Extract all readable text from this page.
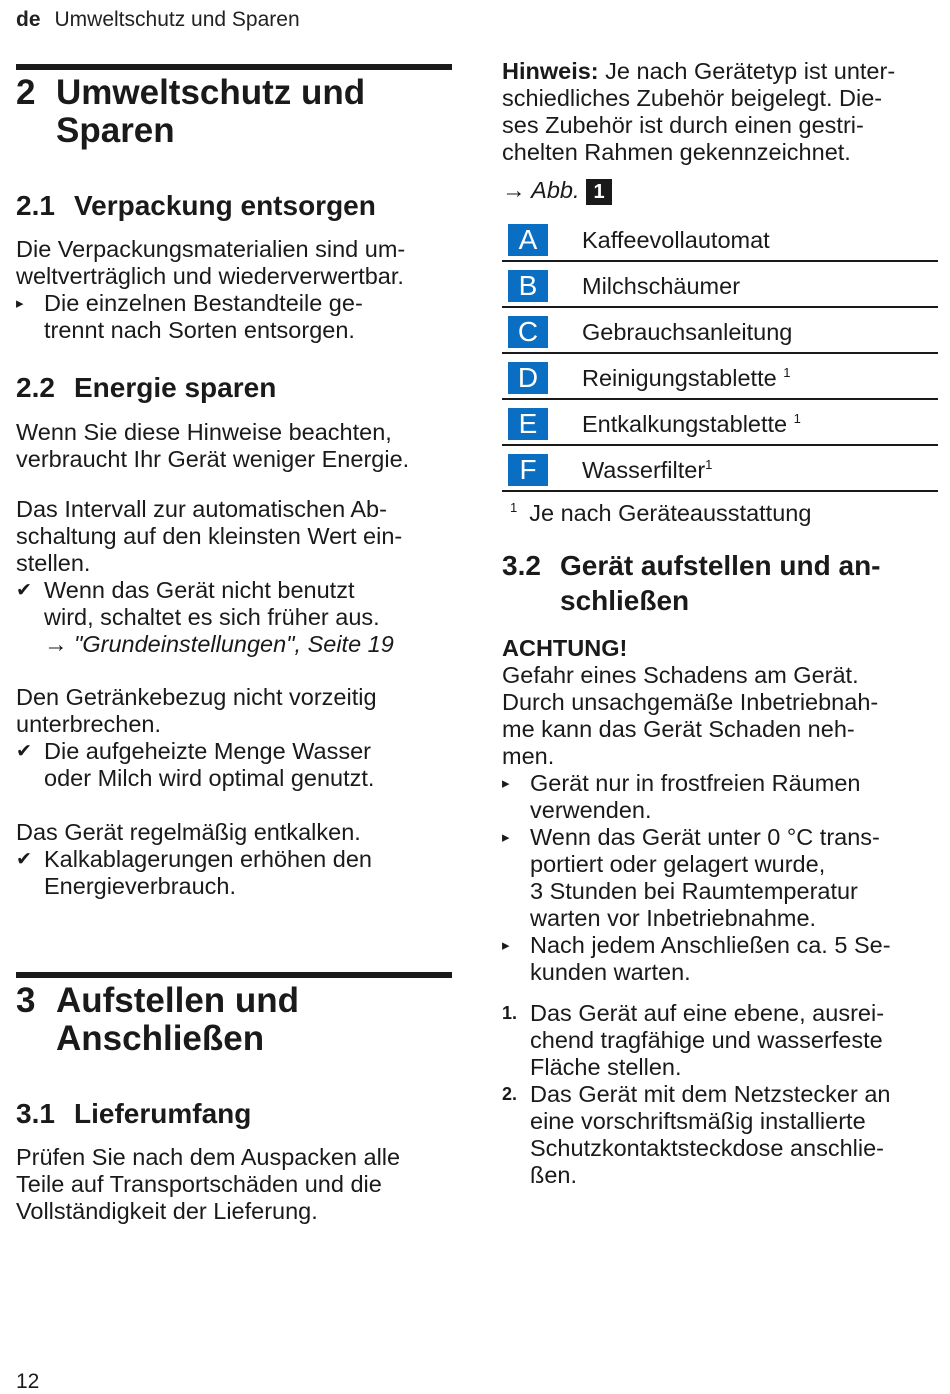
de Umweltschutz und Sparen
2 Umweltschutz und
Sparen
2.1 Verpackung entsorgen
Die Verpackungsmaterialien sind um-
weltverträglich und wiederverwertbar.
▸ Die einzelnen Bestandteile ge-
trennt nach Sorten entsorgen.
2.2 Energie sparen
Wenn Sie diese Hinweise beachten,
verbraucht Ihr Gerät weniger Energie.
Das Intervall zur automatischen Ab-
schaltung auf den kleinsten Wert ein-
stellen.
✔ Wenn das Gerät nicht benutzt
wird, schaltet es sich früher aus.
→ "Grundeinstellungen", Seite 19
Den Getränkebezug nicht vorzeitig
unterbrechen.
✔ Die aufgeheizte Menge Wasser
oder Milch wird optimal genutzt.
Das Gerät regelmäßig entkalken.
✔ Kalkablagerungen erhöhen den
Energieverbrauch.
3 Aufstellen und
Anschließen
3.1 Lieferumfang
Prüfen Sie nach dem Auspacken alle
Teile auf Transportschäden und die
Vollständigkeit der Lieferung.
Hinweis: Je nach Gerätetyp ist unter-
schiedliches Zubehör beigelegt. Die-
ses Zubehör ist durch einen gestri-
chelten Rahmen gekennzeichnet.
→ Abb. 1
A	Kaffeevollautomat
B	Milchschäumer
C	Gebrauchsanleitung
D	Reinigungstablette $^1$
E	Entkalkungstablette $^1$
F	Wasserfilter$^1$
$^1$ Je nach Geräteausstattung
3.2 Gerät aufstellen und an-
schließen
ACHTUNG!
Gefahr eines Schadens am Gerät.
Durch unsachgemäße Inbetriebnah-
me kann das Gerät Schaden neh-
men.
▸ Gerät nur in frostfreien Räumen
verwenden.
▸ Wenn das Gerät unter 0 °C trans-
portiert oder gelagert wurde,
3 Stunden bei Raumtemperatur
warten vor Inbetriebnahme.
▸ Nach jedem Anschließen ca. 5 Se-
kunden warten.
1. Das Gerät auf eine ebene, ausrei-
chend tragfähige und wasserfeste
Fläche stellen.
2. Das Gerät mit dem Netzstecker an
eine vorschriftsmäßig installierte
Schutzkontaktsteckdose anschlie-
ßen.
12
